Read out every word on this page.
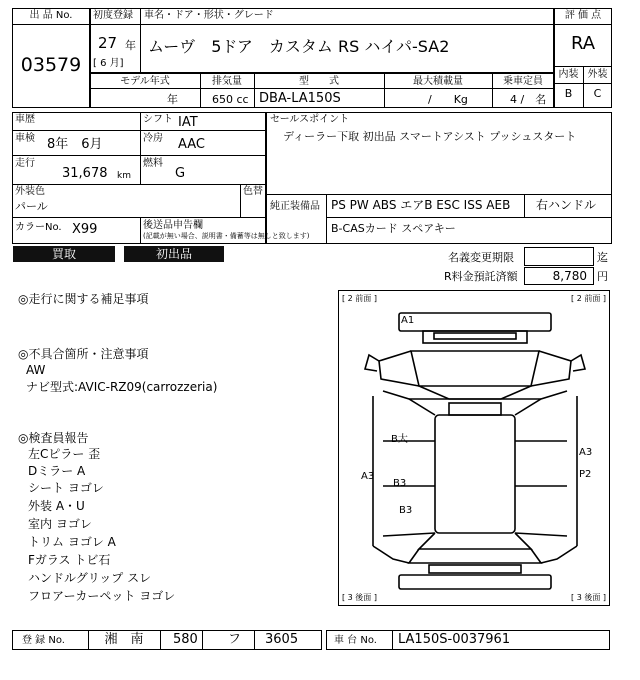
出 品 No.
03579
初度登録 車名・ドア・形状・グレード
27 年
[ 6 月]
ムーヴ　5ドア　カスタム RS ハイパ-SA2
評 価 点
RA
内装 外装
B	C
モデル年式	排気量	型　　式	最大積載量	乗車定員
年	650 cc DBA-LA150S	/　　Kg	4 /　名
車歴
車検 8年　6月
シフト IAT
冷房 AAC
走行
31,678 km
燃料
G
外装色
パール
色替
カラーNo. X99	後送品申告欄
(記載が無い場合、説明書・備蓄等は無しと致します)
セールスポイント
ディーラー下取 初出品 スマートアシスト プッシュスタート
純正装備品 PS PW ABS エアB ESC ISS AEB 右ハンドル
B-CASカード スペアキー
買取	初出品	名義変更期限	迄
R料金預託済額	8,780 円
◎走行に関する補足事項
◎不具合箇所・注意事項
AW
ナビ型式:AVIC-RZ09(carrozzeria)
◎検査員報告
左Cピラー 歪
Dミラー A
シート ヨゴレ
外装 A・U
室内 ヨゴレ
トリム ヨゴレ A
Fガラス トビ石
ハンドルグリップ スレ
フロアーカーペット ヨゴレ
[ 2 前面 ]	[ 2 前面 ]
[ 3 後面 ]	[ 3 後面 ]
A1
B大
A3
B3
B3
A3
P2
登 録 No.	湘　南	580 フ 3605	車 台 No. LA150S-0037961
